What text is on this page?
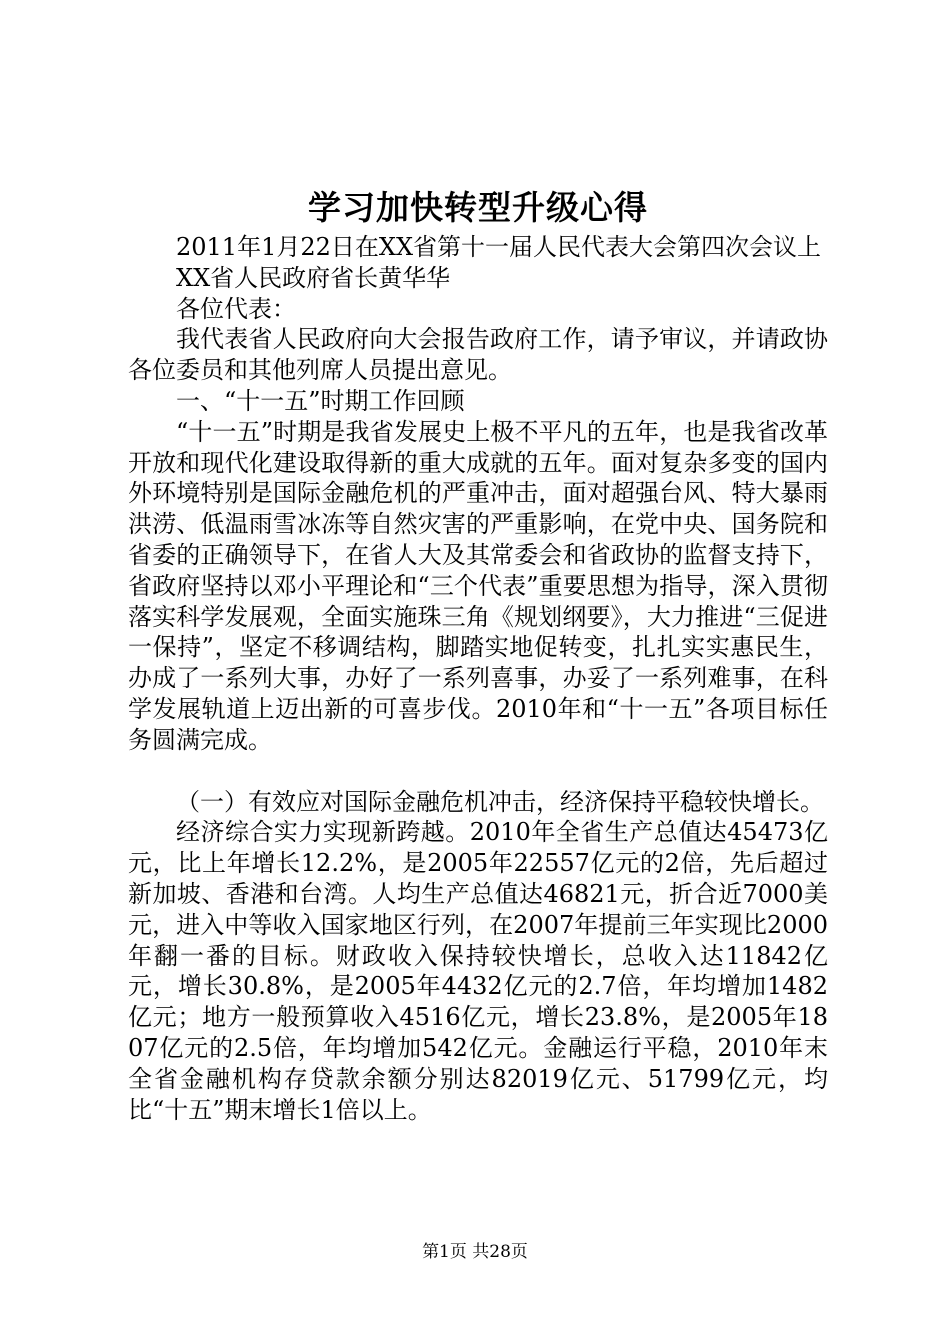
学习加快转型升级心得

2011年1月22日在XX省第十一届人民代表大会第四次会议上

XX省人民政府省长黄华华

各位代表：

我代表省人民政府向大会报告政府工作，请予审议，并请政协各位委员和其他列席人员提出意见。

一、“十一五”时期工作回顾

“十一五”时期是我省发展史上极不平凡的五年，也是我省改革开放和现代化建设取得新的重大成就的五年。面对复杂多变的国内外环境特别是国际金融危机的严重冲击，面对超强台风、特大暴雨洪涝、低温雨雪冰冻等自然灾害的严重影响，在党中央、国务院和省委的正确领导下，在省人大及其常委会和省政协的监督支持下，省政府坚持以邓小平理论和“三个代表”重要思想为指导，深入贯彻落实科学发展观，全面实施珠三角《规划纲要》，大力推进“三促进一保持”，坚定不移调结构，脚踏实地促转变，扎扎实实惠民生，办成了一系列大事，办好了一系列喜事，办妥了一系列难事，在科学发展轨道上迈出新的可喜步伐。2010年和“十一五”各项目标任务圆满完成。

（一）有效应对国际金融危机冲击，经济保持平稳较快增长。

经济综合实力实现新跨越。2010年全省生产总值达45473亿元，比上年增长12.2%，是2005年22557亿元的2倍，先后超过新加坡、香港和台湾。人均生产总值达46821元，折合近7000美元，进入中等收入国家地区行列，在2007年提前三年实现比2000年翻一番的目标。财政收入保持较快增长，总收入达11842亿元，增长30.8%，是2005年4432亿元的2.7倍，年均增加1482亿元；地方一般预算收入4516亿元，增长23.8%，是2005年1807亿元的2.5倍，年均增加542亿元。金融运行平稳，2010年末全省金融机构存贷款余额分别达82019亿元、51799亿元，均比“十五”期末增长1倍以上。

第1页 共28页
